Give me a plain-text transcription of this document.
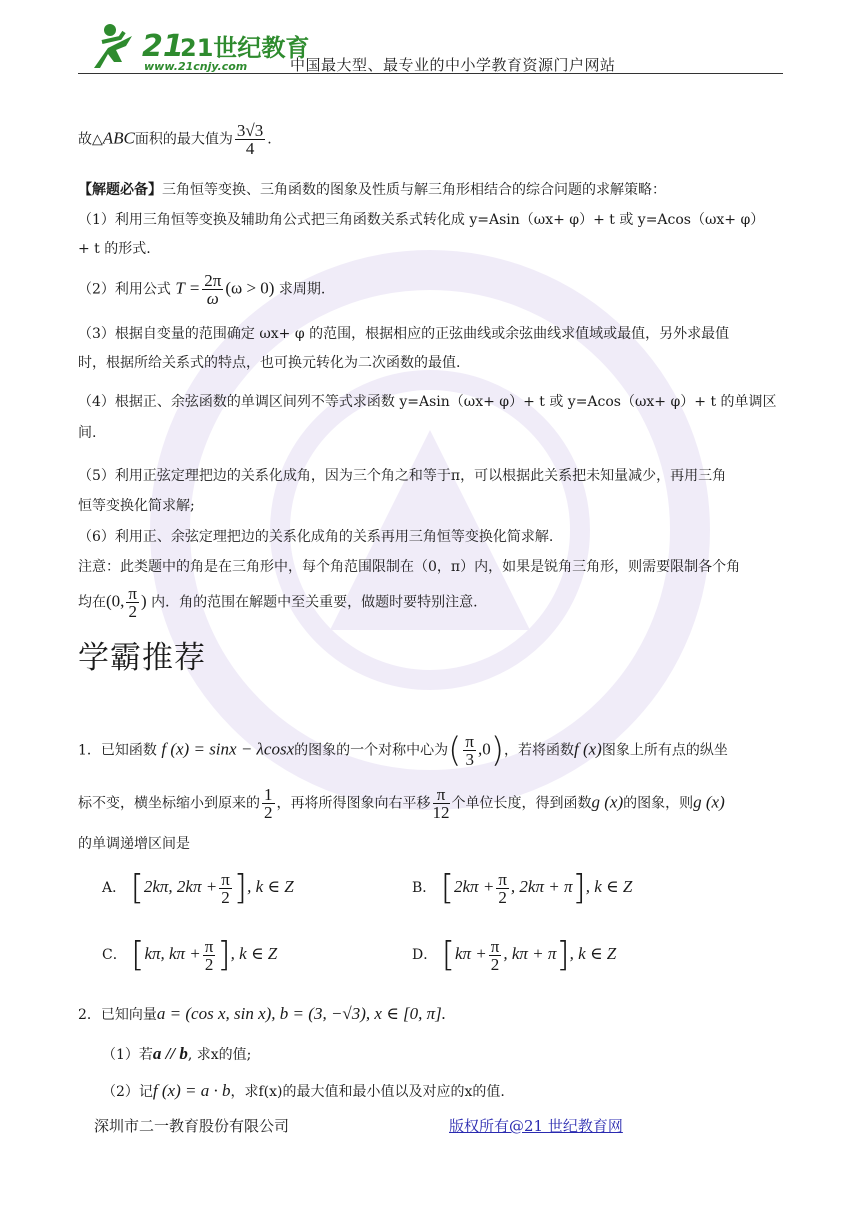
21
21世纪教育
www.21cnjy.com	中国最大型、最专业的中小学教育资源门户网站
故△ABC面积的最大值为 $\frac{3√3}{4}$ .
【解题必备】三角恒等变换、三角函数的图象及性质与解三角形相结合的综合问题的求解策略：
（1）利用三角恒等变换及辅助角公式把三角函数关系式转化成 y=Asin（ωx+ φ）+ t 或 y=Acos（ωx+ φ）
+ t 的形式.
（2）利用公式 $T = \frac{2\pi}{\omega} (\omega > 0)$ 求周期.
（3）根据自变量的范围确定 ωx+ φ 的范围，根据相应的正弦曲线或余弦曲线求值域或最值，另外求最值
时，根据所给关系式的特点，也可换元转化为二次函数的最值.
（4）根据正、余弦函数的单调区间列不等式求函数 y=Asin（ωx+ φ）+ t 或 y=Acos（ωx+ φ）+ t 的单调区
间.
（5）利用正弦定理把边的关系化成角，因为三个角之和等于π，可以根据此关系把未知量减少，再用三角
恒等变换化简求解;
（6）利用正、余弦定理把边的关系化成角的关系再用三角恒等变换化简求解.
注意：此类题中的角是在三角形中，每个角范围限制在（0，π）内，如果是锐角三角形，则需要限制各个角
均在(0, $\frac{\pi}{2}$ ) 内．角的范围在解题中至关重要，做题时要特别注意.
学霸推荐
1．已知函数 f (x) = sinx − λcosx的图象的一个对称中心为( $\frac{\pi}{3} ,0$)，若将函数f (x)图象上所有点的纵坐
标不变，横坐标缩小到原来的 $\frac{1}{2}$ ，再将所得图象向右平移 $\frac{\pi}{12}$ 个单位长度，得到函数g (x)的图象，则g (x)
的单调递增区间是
A． [2kπ, $2k\pi + \frac{\pi}{2}$ ], k ∈ Z	B． [$2k\pi + \frac{\pi}{2}$ , 2kπ + π], k ∈ Z
C． [kπ, $k\pi + \frac{\pi}{2}$ ], k ∈ Z	D． [$k\pi + \frac{\pi}{2}$ , kπ + π], k ∈ Z
2．已知向量a = (cos x, sin x), b = (3, −√3), x ∈ [0, π].
（1）若a // b, 求x的值;
（2）记f (x) = a · b，求f(x)的最大值和最小值以及对应的x的值.
深圳市二一教育股份有限公司	版权所有@21 世纪教育网
